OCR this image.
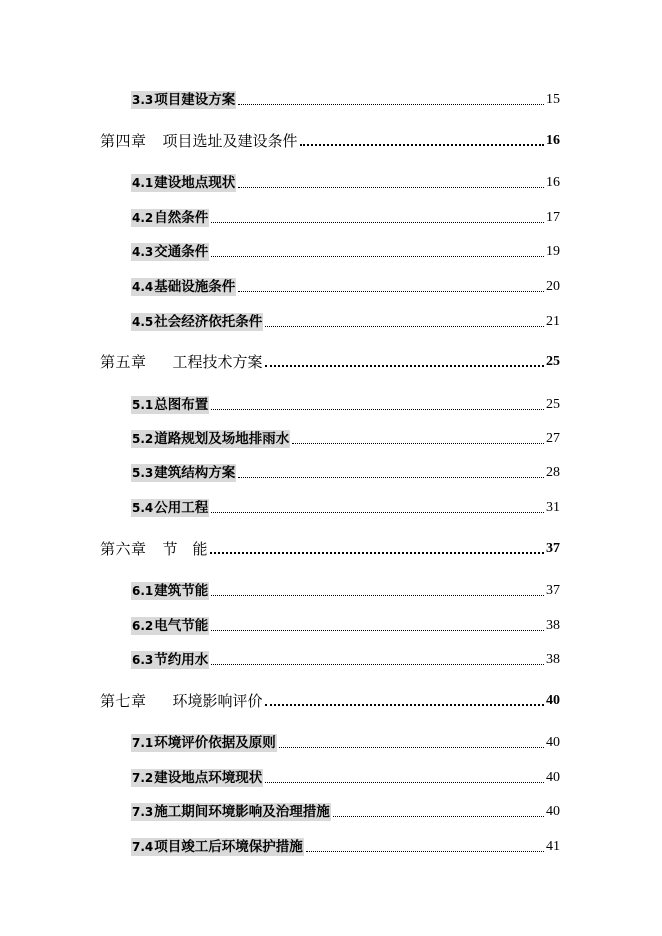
3.3 项目建设方案	15
第四章 项目选址及建设条件	16
4.1 建设地点现状	16
4.2 自然条件	17
4.3 交通条件	19
4.4 基础设施条件	20
4.5 社会经济依托条件	21
第五章 工程技术方案	25
5.1 总图布置	25
5.2 道路规划及场地排雨水	27
5.3 建筑结构方案	28
5.4 公用工程	31
第六章 节　能	37
6.1 建筑节能	37
6.2 电气节能	38
6.3 节约用水	38
第七章 环境影响评价	40
7.1 环境评价依据及原则	40
7.2 建设地点环境现状	40
7.3 施工期间环境影响及治理措施	40
7.4 项目竣工后环境保护措施	41
